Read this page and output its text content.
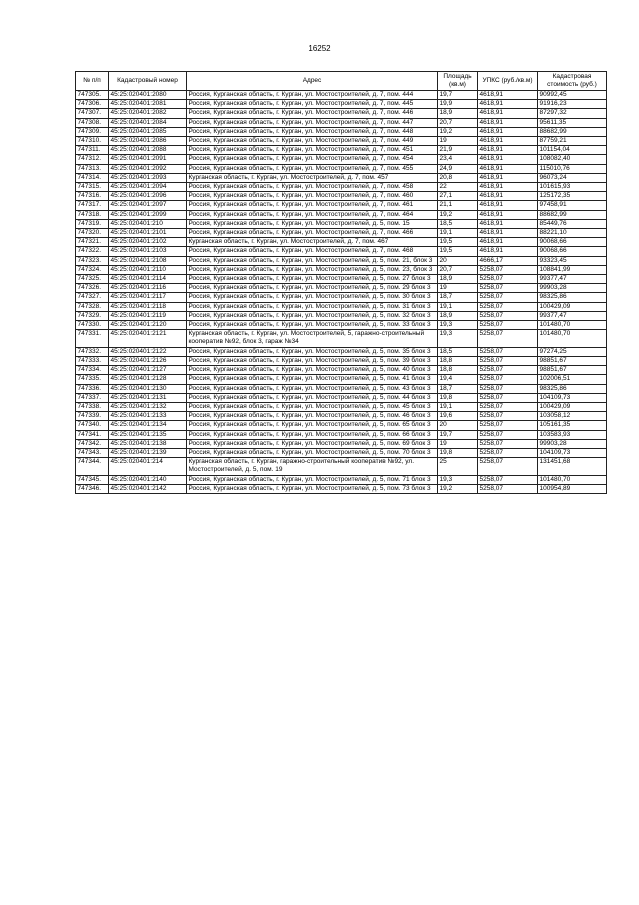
16252
№ п/п	Кадастровый номер	Адрес	Площадь (кв.м)	УПКС (руб./кв.м)	Кадастровая стоимость (руб.)
747305.	45:25:020401:2080	Россия, Курганская область, г. Курган, ул. Мостостроителей, д. 7, пом. 444	19,7	4618,91	90992,45
747306.	45:25:020401:2081	Россия, Курганская область, г. Курган, ул. Мостостроителей, д. 7, пом. 445	19,9	4618,91	91916,23
747307.	45:25:020401:2082	Россия, Курганская область, г. Курган, ул. Мостостроителей, д. 7, пом. 446	18,9	4618,91	87297,32
747308.	45:25:020401:2084	Россия, Курганская область, г. Курган, ул. Мостостроителей, д. 7, пом. 447	20,7	4618,91	95611,35
747309.	45:25:020401:2085	Россия, Курганская область, г. Курган, ул. Мостостроителей, д. 7, пом. 448	19,2	4618,91	88682,99
747310.	45:25:020401:2086	Россия, Курганская область, г. Курган, ул. Мостостроителей, д. 7, пом. 449	19	4618,91	87759,21
747311.	45:25:020401:2088	Россия, Курганская область, г. Курган, ул. Мостостроителей, д. 7, пом. 451	21,9	4618,91	101154,04
747312.	45:25:020401:2091	Россия, Курганская область, г. Курган, ул. Мостостроителей, д. 7, пом. 454	23,4	4618,91	108082,40
747313.	45:25:020401:2092	Россия, Курганская область, г. Курган, ул. Мостостроителей, д. 7, пом. 455	24,9	4618,91	115010,76
747314.	45:25:020401:2093	Курганская область, г. Курган, ул. Мостостроителей, д. 7, пом. 457	20,8	4618,91	96073,24
747315.	45:25:020401:2094	Россия, Курганская область, г. Курган, ул. Мостостроителей, д. 7, пом. 458	22	4618,91	101615,93
747316.	45:25:020401:2096	Россия, Курганская область, г. Курган, ул. Мостостроителей, д. 7, пом. 460	27,1	4618,91	125172,35
747317.	45:25:020401:2097	Россия, Курганская область, г. Курган, ул. Мостостроителей, д. 7, пом. 461	21,1	4618,91	97458,91
747318.	45:25:020401:2099	Россия, Курганская область, г. Курган, ул. Мостостроителей, д. 7, пом. 464	19,2	4618,91	88682,99
747319.	45:25:020401:210	Россия, Курганская область, г. Курган, ул. Мостостроителей, д. 5, пом. 15	18,5	4618,91	85449,76
747320.	45:25:020401:2101	Россия, Курганская область, г. Курган, ул. Мостостроителей, д. 7, пом. 466	19,1	4618,91	88221,10
747321.	45:25:020401:2102	Курганская область, г. Курган, ул. Мостостроителей, д. 7, пом. 467	19,5	4618,91	90068,66
747322.	45:25:020401:2103	Россия, Курганская область, г. Курган, ул. Мостостроителей, д. 7, пом. 468	19,5	4618,91	90068,66
747323.	45:25:020401:2108	Россия, Курганская область, г. Курган, ул. Мостостроителей, д. 5, пом. 21, блок 3	20	4666,17	93323,45
747324.	45:25:020401:2110	Россия, Курганская область, г. Курган, ул. Мостостроителей, д. 5, пом. 23, блок 3	20,7	5258,07	108841,99
747325.	45:25:020401:2114	Россия, Курганская область, г. Курган, ул. Мостостроителей, д. 5, пом. 27 блок 3	18,9	5258,07	99377,47
747326.	45:25:020401:2116	Россия, Курганская область, г. Курган, ул. Мостостроителей, д. 5, пом. 29 блок 3	19	5258,07	99903,28
747327.	45:25:020401:2117	Россия, Курганская область, г. Курган, ул. Мостостроителей, д. 5, пом. 30 блок 3	18,7	5258,07	98325,86
747328.	45:25:020401:2118	Россия, Курганская область, г. Курган, ул. Мостостроителей, д. 5, пом. 31 блок 3	19,1	5258,07	100429,09
747329.	45:25:020401:2119	Россия, Курганская область, г. Курган, ул. Мостостроителей, д. 5, пом. 32 блок 3	18,9	5258,07	99377,47
747330.	45:25:020401:2120	Россия, Курганская область, г. Курган, ул. Мостостроителей, д. 5, пом. 33 блок 3	19,3	5258,07	101480,70
747331.	45:25:020401:2121	Курганская область, г. Курган, ул. Мостостроителей, 5, гаражно-строительный кооператив №92, блок 3, гараж №34	19,3	5258,07	101480,70
747332.	45:25:020401:2122	Россия, Курганская область, г. Курган, ул. Мостостроителей, д. 5, пом. 35 блок 3	18,5	5258,07	97274,25
747333.	45:25:020401:2126	Россия, Курганская область, г. Курган, ул. Мостостроителей, д. 5, пом. 39 блок 3	18,8	5258,07	98851,67
747334.	45:25:020401:2127	Россия, Курганская область, г. Курган, ул. Мостостроителей, д. 5, пом. 40 блок 3	18,8	5258,07	98851,67
747335.	45:25:020401:2128	Россия, Курганская область, г. Курган, ул. Мостостроителей, д. 5, пом. 41 блок 3	19,4	5258,07	102006,51
747336.	45:25:020401:2130	Россия, Курганская область, г. Курган, ул. Мостостроителей, д. 5, пом. 43 блок 3	18,7	5258,07	98325,86
747337.	45:25:020401:2131	Россия, Курганская область, г. Курган, ул. Мостостроителей, д. 5, пом. 44 блок 3	19,8	5258,07	104109,73
747338.	45:25:020401:2132	Россия, Курганская область, г. Курган, ул. Мостостроителей, д. 5, пом. 45 блок 3	19,1	5258,07	100429,09
747339.	45:25:020401:2133	Россия, Курганская область, г. Курган, ул. Мостостроителей, д. 5, пом. 46 блок 3	19,6	5258,07	103058,12
747340.	45:25:020401:2134	Россия, Курганская область, г. Курган, ул. Мостостроителей, д. 5, пом. 65 блок 3	20	5258,07	105161,35
747341.	45:25:020401:2135	Россия, Курганская область, г. Курган, ул. Мостостроителей, д. 5, пом. 66 блок 3	19,7	5258,07	103583,93
747342.	45:25:020401:2138	Россия, Курганская область, г. Курган, ул. Мостостроителей, д. 5, пом. 69 блок 3	19	5258,07	99903,28
747343.	45:25:020401:2139	Россия, Курганская область, г. Курган, ул. Мостостроителей, д. 5, пом. 70 блок 3	19,8	5258,07	104109,73
747344.	45:25:020401:214	Курганская область, г. Курган, гаражно-строительный кооператив №92, ул. Мостостроителей, д. 5, пом. 19	25	5258,07	131451,68
747345.	45:25:020401:2140	Россия, Курганская область, г. Курган, ул. Мостостроителей, д. 5, пом. 71 блок 3	19,3	5258,07	101480,70
747346.	45:25:020401:2142	Россия, Курганская область, г. Курган, ул. Мостостроителей, д. 5, пом. 73 блок 3	19,2	5258,07	100954,89
